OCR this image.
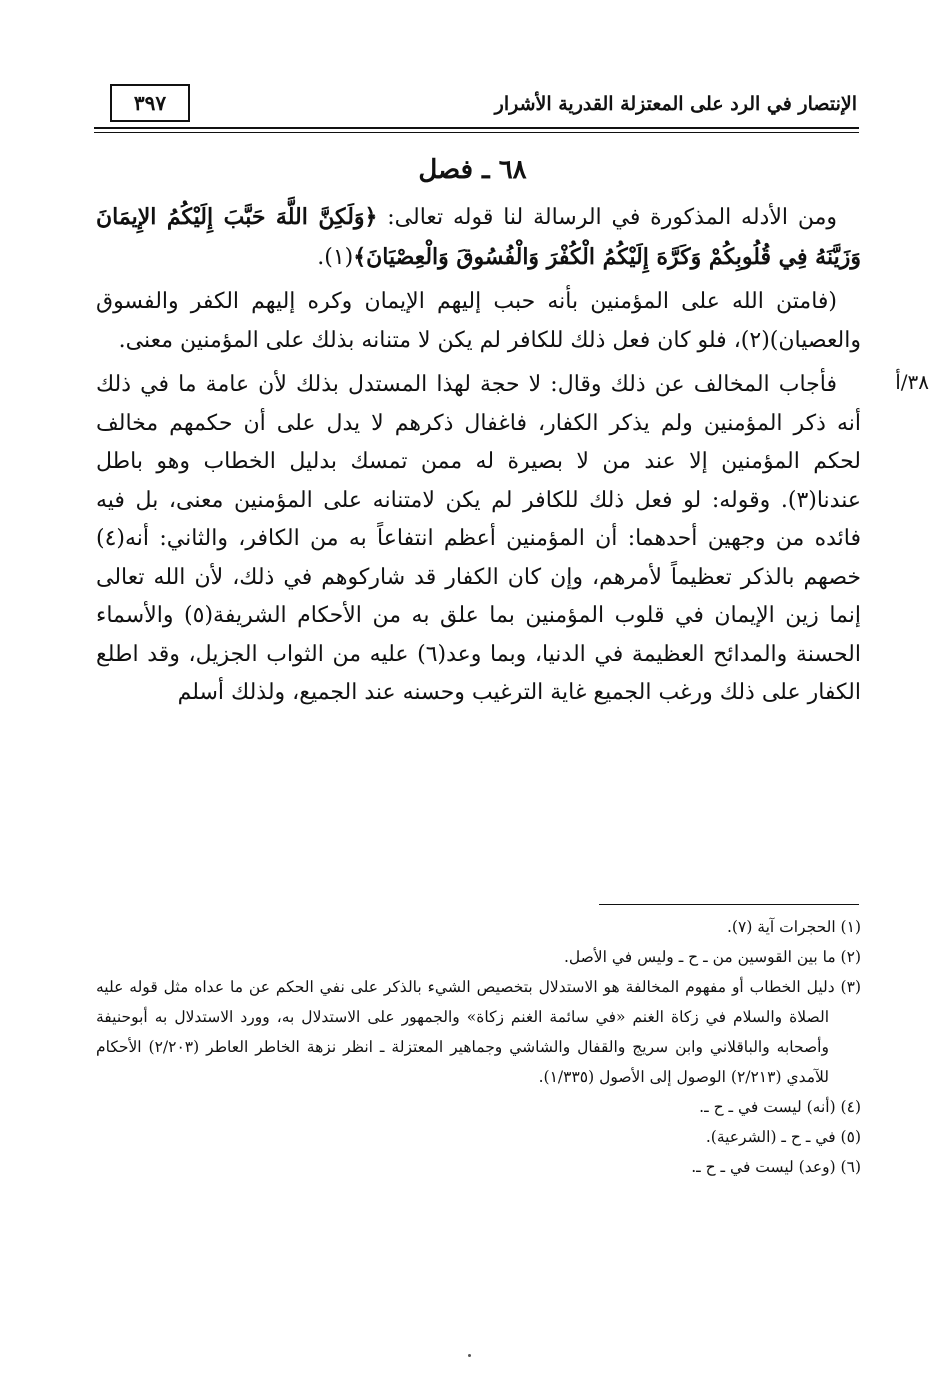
الإنتصار في الرد على المعتزلة القدرية الأشرار
٣٩٧
٦٨ ـ فصل
٣٨/أ

ومن الأدله المذكورة في الرسالة لنا قوله تعالى: ﴿وَلَكِنَّ اللَّهَ حَبَّبَ إِلَيْكُمُ الإِيمَانَ وَزَيَّنَهُ فِي قُلُوبِكُمْ وَكَرَّهَ إِلَيْكُمُ الْكُفْرَ وَالْفُسُوقَ وَالْعِصْيَانَ﴾(١).

(فامتن الله على المؤمنين بأنه حبب إليهم الإيمان وكره إليهم الكفر والفسوق والعصيان)(٢)، فلو كان فعل ذلك للكافر لم يكن لا متنانه بذلك على المؤمنين معنى.

فأجاب المخالف عن ذلك وقال: لا حجة لهذا المستدل بذلك لأن عامة ما في ذلك أنه ذكر المؤمنين ولم يذكر الكفار، فاغفال ذكرهم لا يدل على أن حكمهم مخالف لحكم المؤمنين إلا عند من لا بصيرة له ممن تمسك بدليل الخطاب وهو باطل عندنا(٣). وقوله: لو فعل ذلك للكافر لم يكن لامتنانه على المؤمنين معنى، بل فيه فائده من وجهين أحدهما: أن المؤمنين أعظم انتفاعاً به من الكافر، والثاني: أنه(٤) خصهم بالذكر تعظيماً لأمرهم، وإن كان الكفار قد شاركوهم في ذلك، لأن الله تعالى إنما زين الإيمان في قلوب المؤمنين بما علق به من الأحكام الشريفة(٥) والأسماء الحسنة والمدائح العظيمة في الدنيا، وبما وعد(٦) عليه من الثواب الجزيل، وقد اطلع الكفار على ذلك ورغب الجميع غاية الترغيب وحسنه عند الجميع، ولذلك أسلم

(١) الحجرات آية (٧).

(٢) ما بين القوسين من ـ ح ـ وليس في الأصل.

(٣) دليل الخطاب أو مفهوم المخالفة هو الاستدلال بتخصيص الشيء بالذكر على نفي الحكم عن ما عداه مثل قوله عليه الصلاة والسلام في زكاة الغنم «في سائمة الغنم زكاة» والجمهور على الاستدلال به، وورد الاستدلال به أبوحنيفة وأصحابه والباقلاني وابن سريج والقفال والشاشي وجماهير المعتزلة ـ انظر نزهة الخاطر العاطر (٢/٢٠٣) الأحكام للآمدي (٢/٢١٣) الوصول إلى الأصول (١/٣٣٥).

(٤) (أنه) ليست في ـ ح ـ.

(٥) في ـ ح ـ (الشرعية).

(٦) (وعد) ليست في ـ ح ـ.
